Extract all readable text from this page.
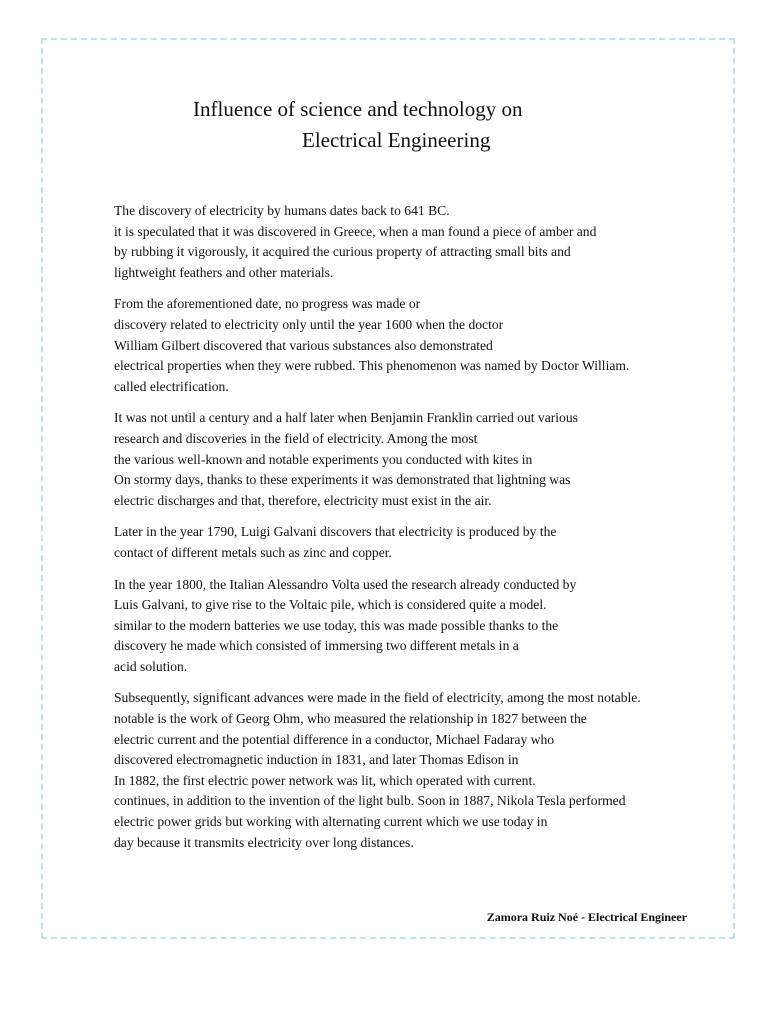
Influence of science and technology on
Electrical Engineering

The discovery of electricity by humans dates back to 641 BC.
it is speculated that it was discovered in Greece, when a man found a piece of amber and
by rubbing it vigorously, it acquired the curious property of attracting small bits and
lightweight feathers and other materials.

From the aforementioned date, no progress was made or
discovery related to electricity only until the year 1600 when the doctor
William Gilbert discovered that various substances also demonstrated
electrical properties when they were rubbed. This phenomenon was named by Doctor William.
called electrification.

It was not until a century and a half later when Benjamin Franklin carried out various
research and discoveries in the field of electricity. Among the most
the various well-known and notable experiments you conducted with kites in
On stormy days, thanks to these experiments it was demonstrated that lightning was
electric discharges and that, therefore, electricity must exist in the air.

Later in the year 1790, Luigi Galvani discovers that electricity is produced by the
contact of different metals such as zinc and copper.

In the year 1800, the Italian Alessandro Volta used the research already conducted by
Luis Galvani, to give rise to the Voltaic pile, which is considered quite a model.
similar to the modern batteries we use today, this was made possible thanks to the
discovery he made which consisted of immersing two different metals in a
acid solution.

Subsequently, significant advances were made in the field of electricity, among the most notable.
notable is the work of Georg Ohm, who measured the relationship in 1827 between the
electric current and the potential difference in a conductor, Michael Fadaray who
discovered electromagnetic induction in 1831, and later Thomas Edison in
In 1882, the first electric power network was lit, which operated with current.
continues, in addition to the invention of the light bulb. Soon in 1887, Nikola Tesla performed
electric power grids but working with alternating current which we use today in
day because it transmits electricity over long distances.

Zamora Ruiz Noé - Electrical Engineer
